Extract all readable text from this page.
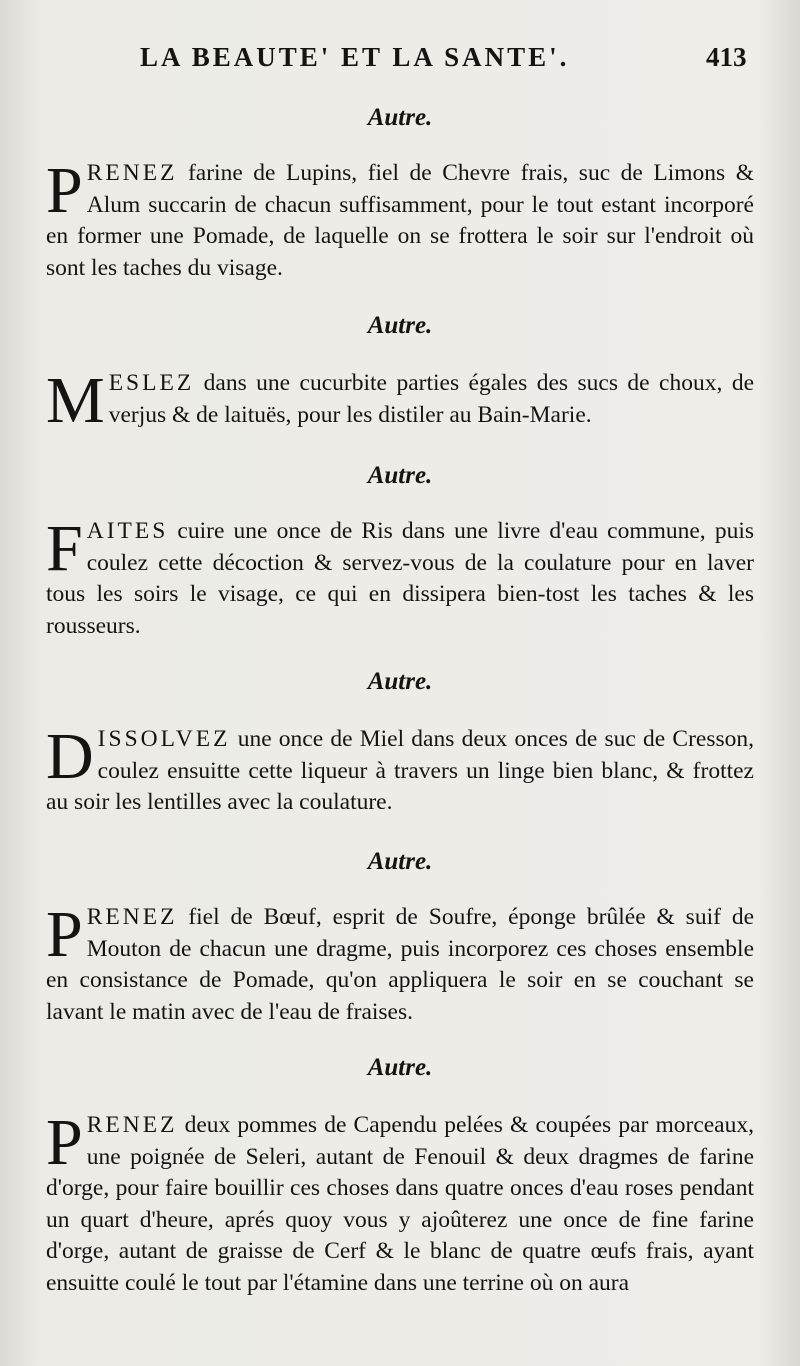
LA BEAUTE' ET LA SANTE'.	413
Autre.
PRENEZ farine de Lupins, fiel de Chevre frais, suc de Limons & Alum succarin de chacun suffisamment, pour le tout estant incorporé en former une Pomade, de laquelle on se frottera le soir sur l'endroit où sont les taches du visage.
Autre.
MESLEZ dans une cucurbite parties égales des sucs de choux, de verjus & de laituës, pour les distiler au Bain-Marie.
Autre.
FAITES cuire une once de Ris dans une livre d'eau commune, puis coulez cette décoction & servez-vous de la coulature pour en laver tous les soirs le visage, ce qui en dissipera bien-tost les taches & les rousseurs.
Autre.
DISSOLVEZ une once de Miel dans deux onces de suc de Cresson, coulez ensuitte cette liqueur à travers un linge bien blanc, & frottez au soir les lentilles avec la coulature.
Autre.
PRENEZ fiel de Bœuf, esprit de Soufre, éponge brûlée & suif de Mouton de chacun une dragme, puis incorporez ces choses ensemble en consistance de Pomade, qu'on appliquera le soir en se couchant se lavant le matin avec de l'eau de fraises.
Autre.
PRENEZ deux pommes de Capendu pelées & coupées par morceaux, une poignée de Seleri, autant de Fenouil & deux dragmes de farine d'orge, pour faire bouillir ces choses dans quatre onces d'eau roses pendant un quart d'heure, aprés quoy vous y ajoûterez une once de fine farine d'orge, autant de graisse de Cerf & le blanc de quatre œufs frais, ayant ensuitte coulé le tout par l'étamine dans une terrine où on aura
